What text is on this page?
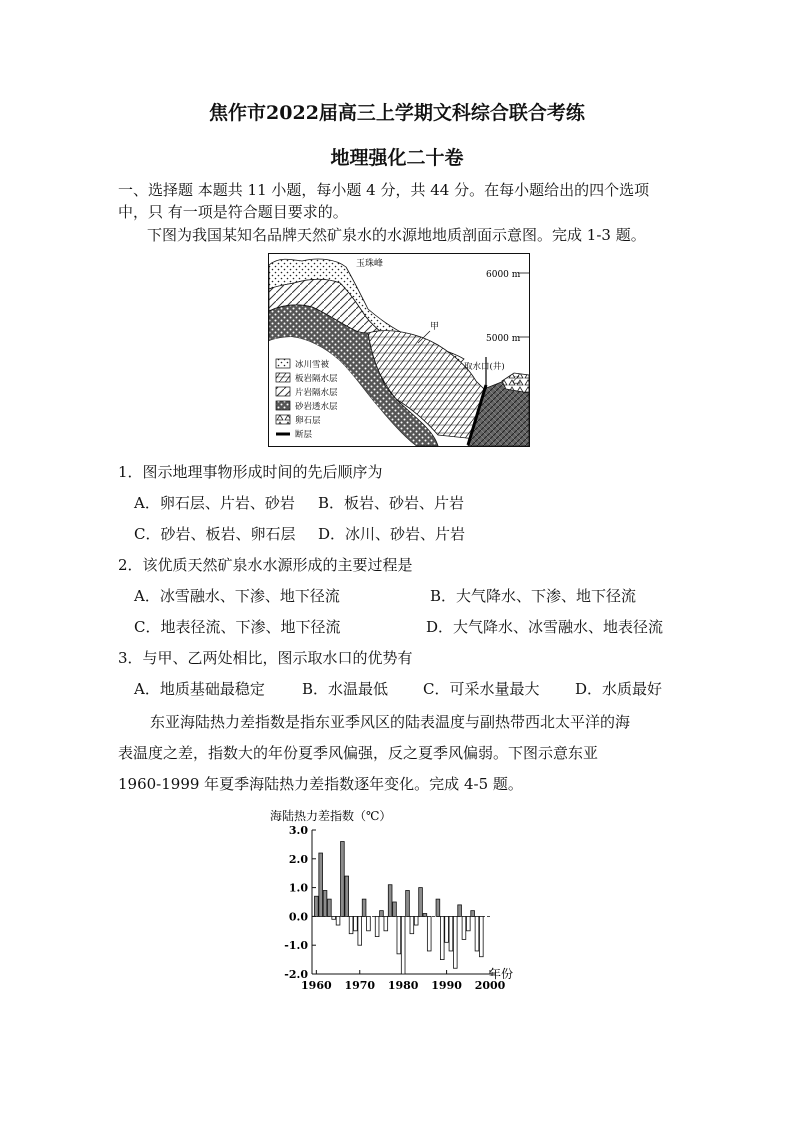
焦作市2022届高三上学期文科综合联合考练
地理强化二十卷
一、选择题 本题共 11 小题，每小题 4 分，共 44 分。在每小题给出的四个选项
中，只 有一项是符合题目要求的。
下图为我国某知名品牌天然矿泉水的水源地地质剖面示意图。完成 1-3 题。
6000 m
5000 m
玉珠峰
甲
取水口(井)
乙
冰川雪被
板岩隔水层
片岩隔水层
砂岩透水层
卵石层
断层
1．图示地理事物形成时间的先后顺序为
A．卵石层、片岩、砂岩 B．板岩、砂岩、片岩
C．砂岩、板岩、卵石层 D．冰川、砂岩、片岩
2．该优质天然矿泉水水源形成的主要过程是
A．冰雪融水、下渗、地下径流	B．大气降水、下渗、地下径流
C．地表径流、下渗、地下径流	D．大气降水、冰雪融水、地表径流
3．与甲、乙两处相比，图示取水口的优势有
A．地质基础最稳定 B．水温最低 C．可采水量最大 D．水质最好
东亚海陆热力差指数是指东亚季风区的陆表温度与副热带西北太平洋的海
表温度之差，指数大的年份夏季风偏强，反之夏季风偏弱。下图示意东亚
1960-1999 年夏季海陆热力差指数逐年变化。完成 4-5 题。
海陆热力差指数（℃）
年份
3.0
2.0
1.0
0.0
-1.0
-2.0
1960 1970 1980 1990 2000
